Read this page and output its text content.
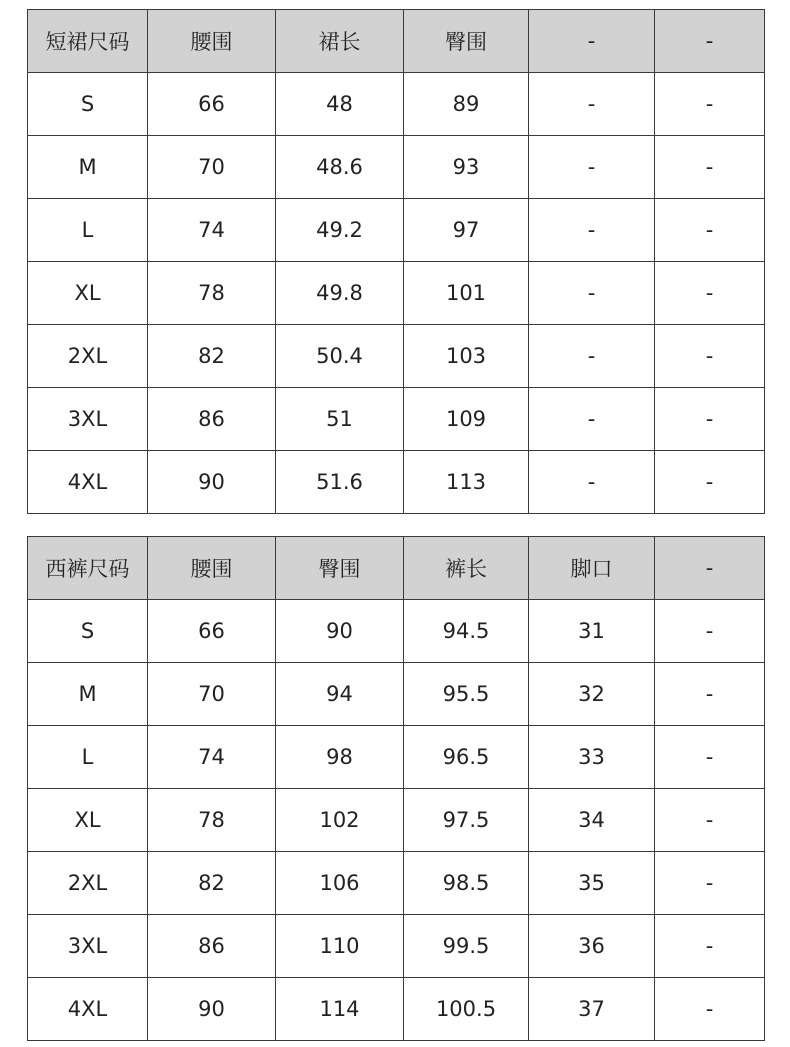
短裙尺码	腰围	裙长	臀围	-	-
S	66	48	89	-	-
M	70	48.6	93	-	-
L	74	49.2	97	-	-
XL	78	49.8	101	-	-
2XL	82	50.4	103	-	-
3XL	86	51	109	-	-
4XL	90	51.6	113	-	-
西裤尺码	腰围	臀围	裤长	脚口	-
S	66	90	94.5	31	-
M	70	94	95.5	32	-
L	74	98	96.5	33	-
XL	78	102	97.5	34	-
2XL	82	106	98.5	35	-
3XL	86	110	99.5	36	-
4XL	90	114	100.5	37	-
